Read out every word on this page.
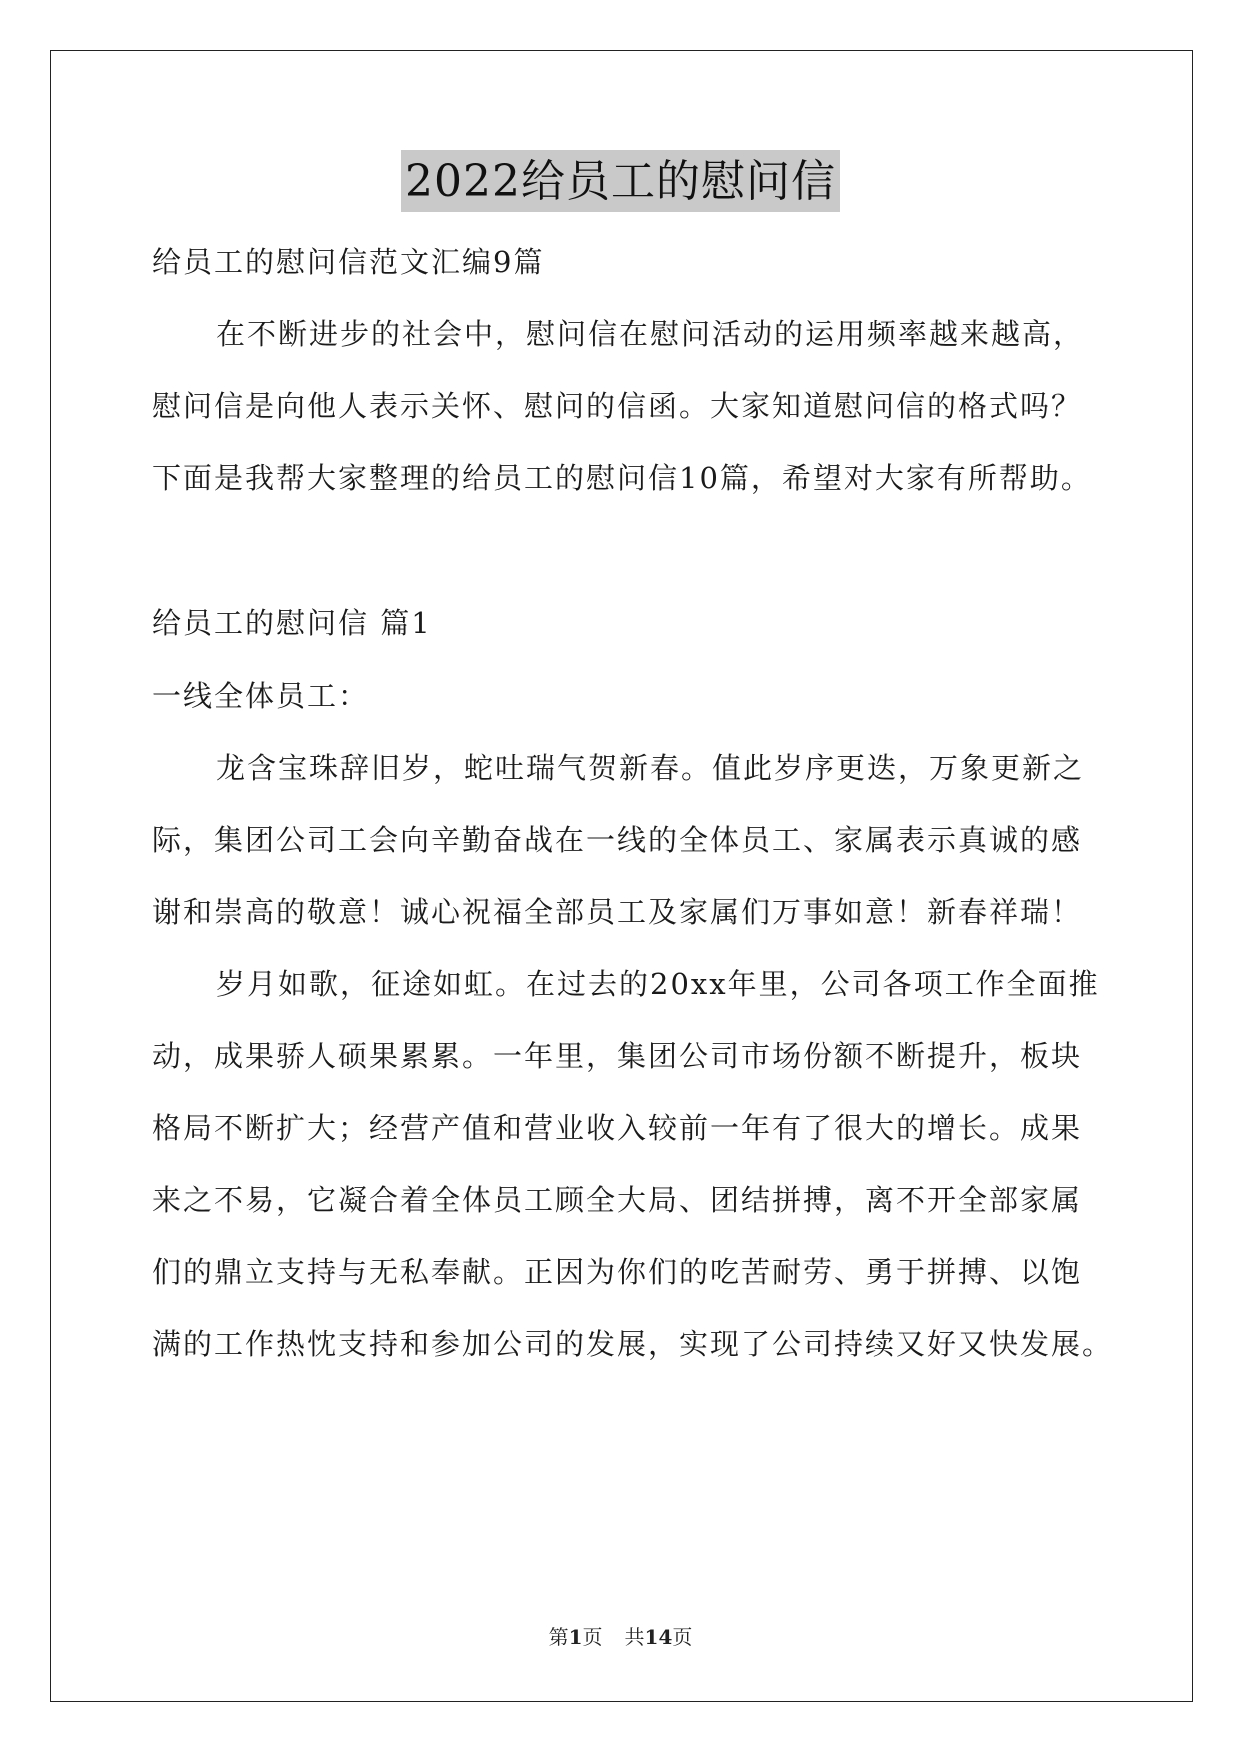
2022给员工的慰问信
给员工的慰问信范文汇编9篇
在不断进步的社会中，慰问信在慰问活动的运用频率越来越高，
慰问信是向他人表示关怀、慰问的信函。大家知道慰问信的格式吗？
下面是我帮大家整理的给员工的慰问信10篇，希望对大家有所帮助。
给员工的慰问信 篇1
一线全体员工：
龙含宝珠辞旧岁，蛇吐瑞气贺新春。值此岁序更迭，万象更新之
际，集团公司工会向辛勤奋战在一线的全体员工、家属表示真诚的感
谢和崇高的敬意！诚心祝福全部员工及家属们万事如意！新春祥瑞！
岁月如歌，征途如虹。在过去的20xx年里，公司各项工作全面推
动，成果骄人硕果累累。一年里，集团公司市场份额不断提升，板块
格局不断扩大；经营产值和营业收入较前一年有了很大的增长。成果
来之不易，它凝合着全体员工顾全大局、团结拼搏，离不开全部家属
们的鼎立支持与无私奉献。正因为你们的吃苦耐劳、勇于拼搏、以饱
满的工作热忱支持和参加公司的发展，实现了公司持续又好又快发展。
第1页 共14页
